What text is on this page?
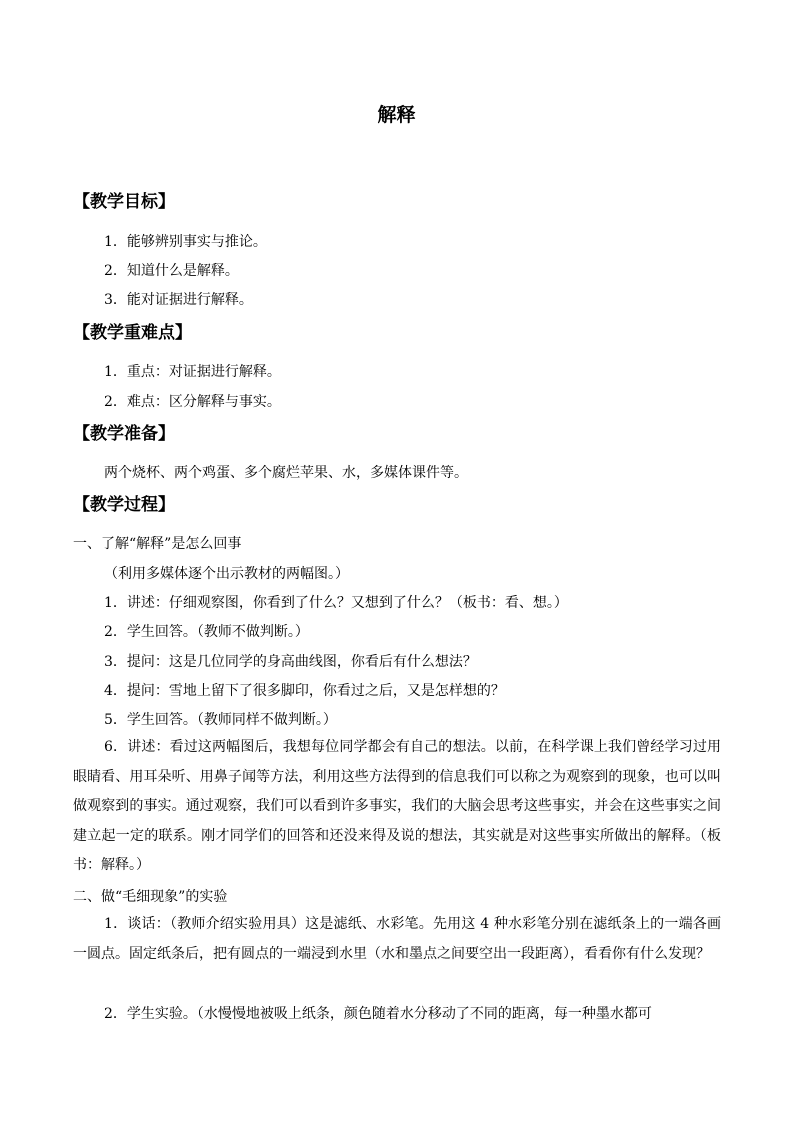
解释
【教学目标】
1．能够辨别事实与推论。
2．知道什么是解释。
3．能对证据进行解释。
【教学重难点】
1．重点：对证据进行解释。
2．难点：区分解释与事实。
【教学准备】
两个烧杯、两个鸡蛋、多个腐烂苹果、水，多媒体课件等。
【教学过程】
一、了解“解释”是怎么回事
（利用多媒体逐个出示教材的两幅图。）
1．讲述：仔细观察图，你看到了什么？又想到了什么？（板书：看、想。）
2．学生回答。（教师不做判断。）
3．提问：这是几位同学的身高曲线图，你看后有什么想法？
4．提问：雪地上留下了很多脚印，你看过之后，又是怎样想的？
5．学生回答。（教师同样不做判断。）
6．讲述：看过这两幅图后，我想每位同学都会有自己的想法。以前，在科学课上我们曾经学习过用眼睛看、用耳朵听、用鼻子闻等方法，利用这些方法得到的信息我们可以称之为观察到的现象，也可以叫做观察到的事实。通过观察，我们可以看到许多事实，我们的大脑会思考这些事实，并会在这些事实之间建立起一定的联系。刚才同学们的回答和还没来得及说的想法，其实就是对这些事实所做出的解释。（板书：解释。）
二、做“毛细现象”的实验
1．谈话：（教师介绍实验用具）这是滤纸、水彩笔。先用这 4 种水彩笔分别在滤纸条上的一端各画一圆点。固定纸条后，把有圆点的一端浸到水里（水和墨点之间要空出一段距离），看看你有什么发现？
2．学生实验。（水慢慢地被吸上纸条，颜色随着水分移动了不同的距离，每一种墨水都可
